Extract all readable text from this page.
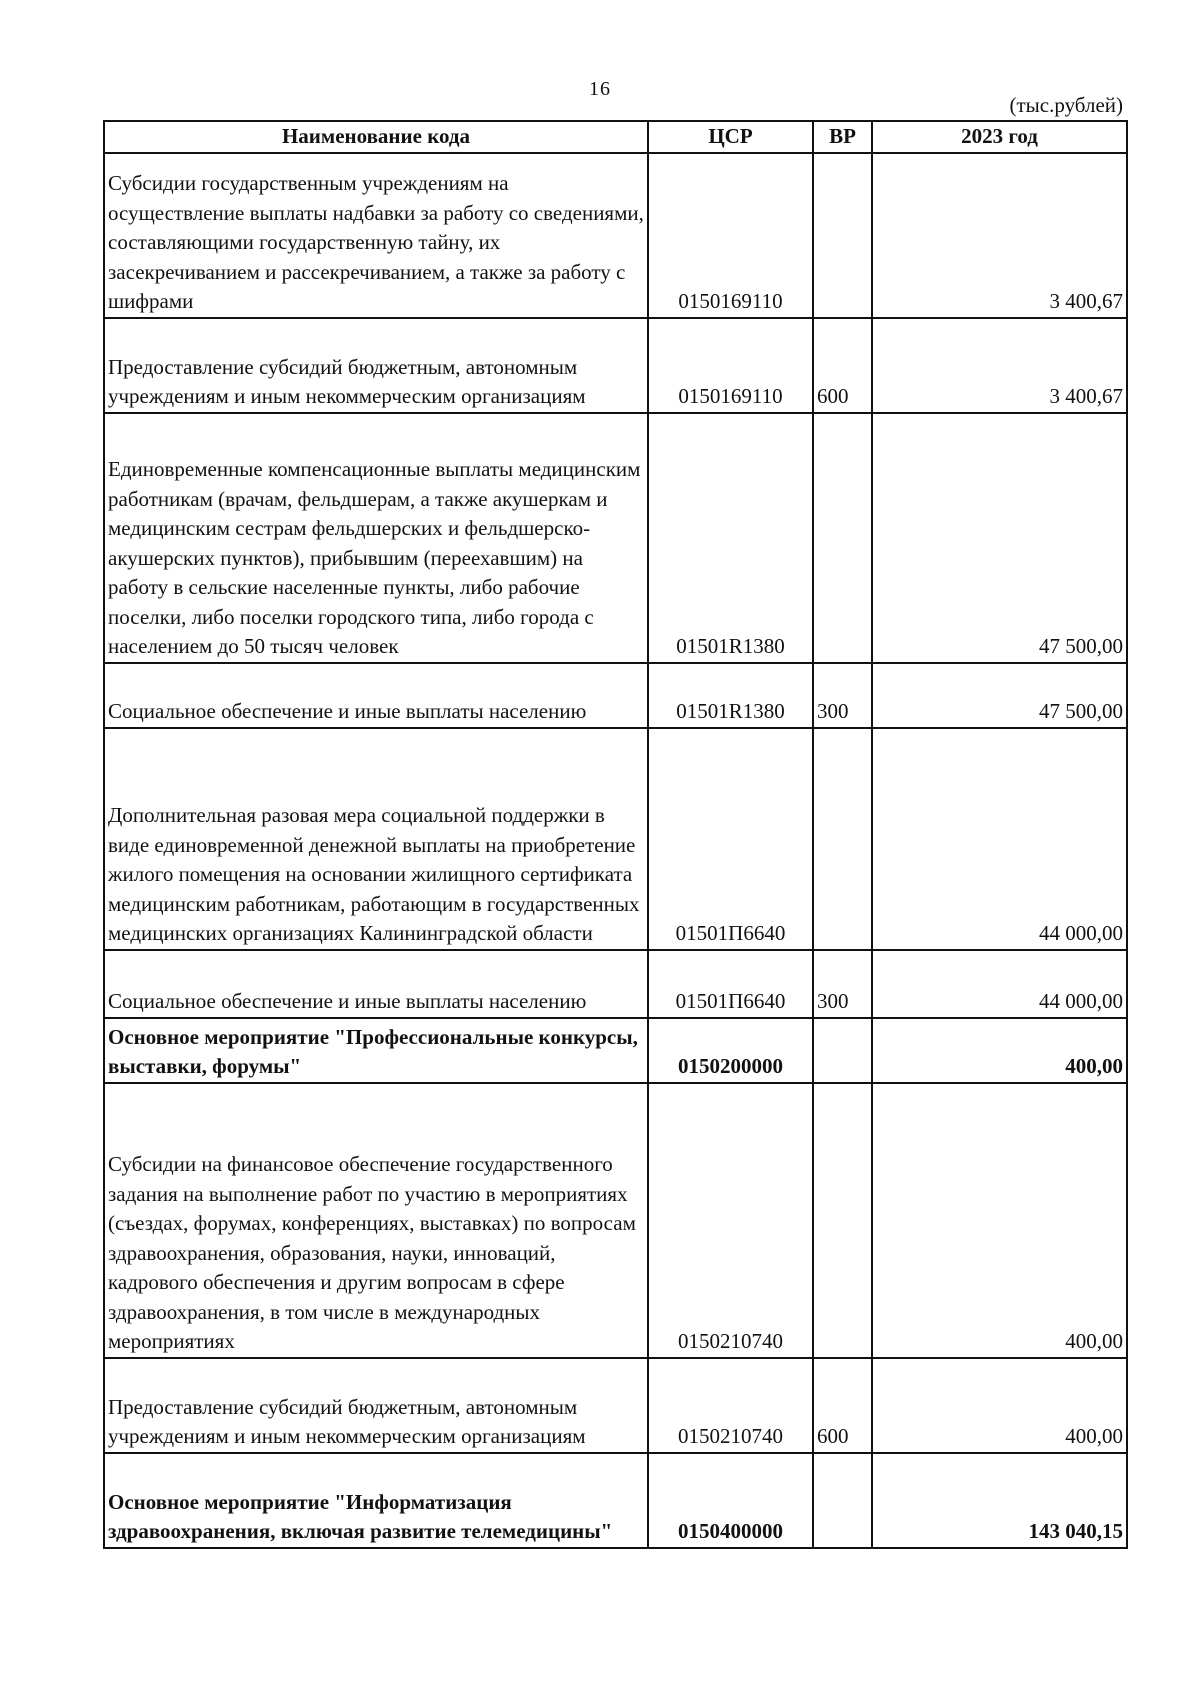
16
(тыс.рублей)
Наименование кода	ЦСР	ВР	2023 год
Субсидии государственным учреждениям на осуществление выплаты надбавки за работу со сведениями, составляющими государственную тайну, их засекречиванием и рассекречиванием, а также за работу с шифрами	0150169110		3 400,67
Предоставление субсидий бюджетным, автономным учреждениям и иным некоммерческим организациям	0150169110	600	3 400,67
Единовременные компенсационные выплаты медицинским работникам (врачам, фельдшерам, а также акушеркам и медицинским сестрам фельдшерских и фельдшерско-акушерских пунктов), прибывшим (переехавшим) на работу в сельские населенные пункты, либо рабочие поселки, либо поселки городского типа, либо города с населением до 50 тысяч человек	01501R1380		47 500,00
Социальное обеспечение и иные выплаты населению	01501R1380	300	47 500,00
Дополнительная разовая мера социальной поддержки в виде единовременной денежной выплаты на приобретение жилого помещения на основании жилищного сертификата медицинским работникам, работающим в государственных медицинских организациях Калининградской области	01501П6640		44 000,00
Социальное обеспечение и иные выплаты населению	01501П6640	300	44 000,00
Основное мероприятие "Профессиональные конкурсы, выставки, форумы"	0150200000		400,00
Субсидии на финансовое обеспечение государственного задания на выполнение работ по участию в мероприятиях (съездах, форумах, конференциях, выставках) по вопросам здравоохранения, образования, науки, инноваций, кадрового обеспечения и другим вопросам в сфере здравоохранения, в том числе в международных мероприятиях	0150210740		400,00
Предоставление субсидий бюджетным, автономным учреждениям и иным некоммерческим организациям	0150210740	600	400,00
Основное мероприятие "Информатизация здравоохранения, включая развитие телемедицины"	0150400000		143 040,15
